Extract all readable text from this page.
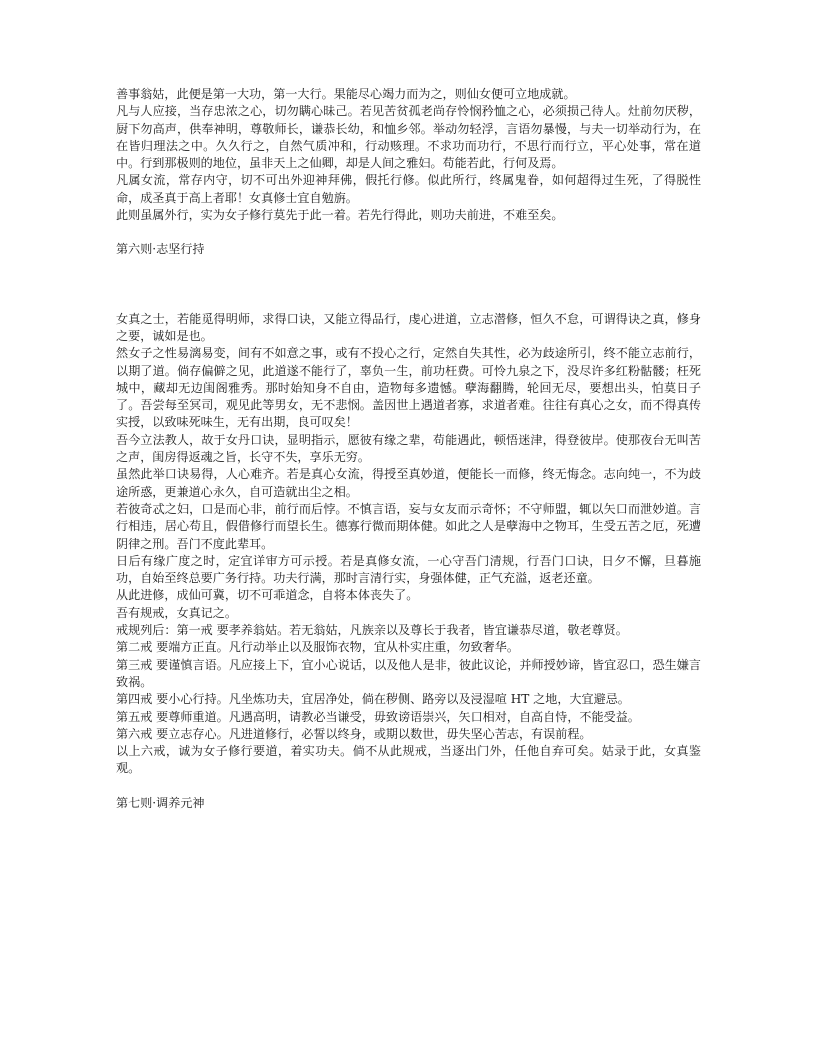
善事翁姑，此便是第一大功，第一大行。果能尽心竭力而为之，则仙女便可立地成就。

凡与人应接，当存忠浓之心，切勿瞒心昧己。若见苦贫孤老尚存怜悯矜恤之心，必须损己待人。灶前勿厌秽，厨下勿高声，供奉神明，尊敬师长，谦恭长幼，和恤乡邻。举动勿轻浮，言语勿暴慢，与夫一切举动行为，在在皆归理法之中。久久行之，自然气质冲和，行动赅理。不求功而功行，不思行而行立，平心处事，常在道中。行到那极则的地位，虽非天上之仙卿，却是人间之雅妇。苟能若此，行何及焉。

凡属女流，常存内守，切不可出外迎神拜佛，假托行修。似此所行，终属鬼眷，如何超得过生死，了得脱性命，成圣真于高上者耶！女真修士宜自勉旃。

此则虽属外行，实为女子修行莫先于此一着。若先行得此，则功夫前进，不难至矣。

第六则·志坚行持

女真之士，若能觅得明师，求得口诀，又能立得品行，虔心进道，立志潜修，恒久不怠，可谓得诀之真，修身之要，诚如是也。

然女子之性易漓易变，间有不如意之事，或有不投心之行，定然自失其性，必为歧途所引，终不能立志前行，以期了道。倘存偏僻之见，此道遂不能行了，辜负一生，前功枉费。可怜九泉之下，没尽许多红粉骷髅；枉死城中，藏却无边闺阁雅秀。那时始知身不自由，造物每多遗憾。孽海翻腾，轮回无尽，要想出头，怕莫日子了。吾尝每至冥司，观见此等男女，无不悲悯。盖因世上遇道者寡，求道者难。往往有真心之女，而不得真传实授，以致味死味生，无有出期，良可叹矣！

吾今立法教人，故于女丹口诀，显明指示，愿彼有缘之辈，苟能遇此，顿悟迷津，得登彼岸。使那夜台无叫苦之声，闺房得返魂之旨，长守不失，享乐无穷。

虽然此举口诀易得，人心难齐。若是真心女流，得授至真妙道，便能长一而修，终无悔念。志向纯一，不为歧途所惑，更兼道心永久，自可造就出尘之相。

若彼奇忒之妇，口是而心非，前行而后悖。不慎言语，妄与女友而示奇怀；不守师盟，辄以矢口而泄妙道。言行相违，居心苟且，假借修行而望长生。德寡行微而期体健。如此之人是孽海中之物耳，生受五苦之厄，死遭阴律之刑。吾门不度此辈耳。

日后有缘广度之时，定宜详审方可示授。若是真修女流，一心守吾门清规，行吾门口诀，日夕不懈，旦暮施功，自始至终总要广务行持。功夫行满，那时言清行实，身强体健，正气充溢，返老还童。

从此进修，成仙可冀，切不可乖道念，自将本体丧失了。

吾有规戒，女真记之。

戒规列后：第一戒 要孝养翁姑。若无翁姑，凡族亲以及尊长于我者，皆宜谦恭尽道，敬老尊贤。

第二戒 要端方正直。凡行动举止以及服饰衣物，宜从朴实庄重，勿致奢华。

第三戒 要谨慎言语。凡应接上下，宜小心说话，以及他人是非，彼此议论，并师授妙谛，皆宜忍口，恐生嫌言致祸。

第四戒 要小心行持。凡坐炼功夫，宜居净处，倘在秽侧、路旁以及浸湿喧 HT 之地，大宜避忌。

第五戒 要尊师重道。凡遇高明，请教必当谦受，毋致谤语崇兴，矢口相对，自高自恃，不能受益。

第六戒 要立志存心。凡进道修行，必誓以终身，或期以数世，毋失坚心苦志，有误前程。

以上六戒，诚为女子修行要道，着实功夫。倘不从此规戒，当逐出门外，任他自弃可矣。姑录于此，女真鉴观。

第七则·调养元神
